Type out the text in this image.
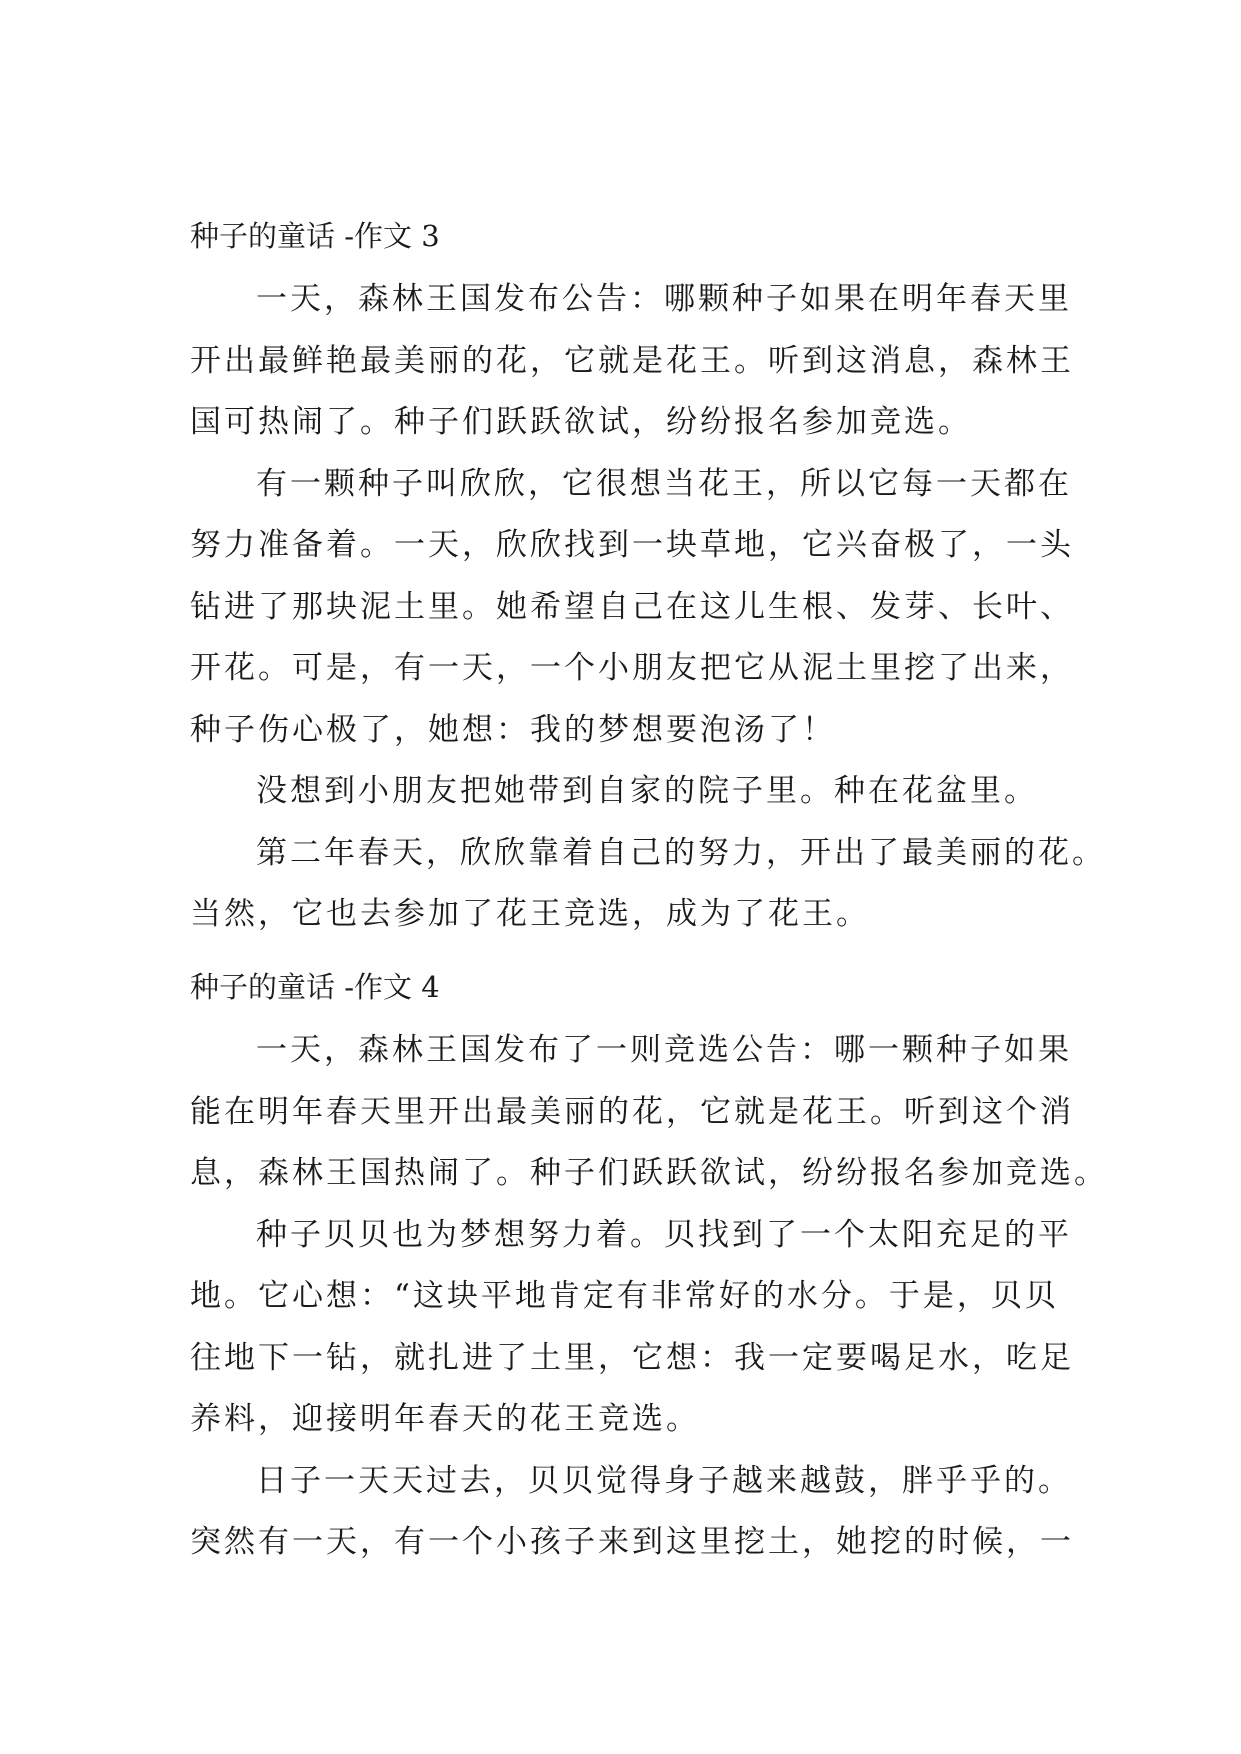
种子的童话 -作文 3

一天，森林王国发布公告：哪颗种子如果在明年春天里
开出最鲜艳最美丽的花，它就是花王。听到这消息，森林王
国可热闹了。种子们跃跃欲试，纷纷报名参加竞选。

有一颗种子叫欣欣，它很想当花王，所以它每一天都在
努力准备着。一天，欣欣找到一块草地，它兴奋极了，一头
钻进了那块泥土里。她希望自己在这儿生根、发芽、长叶、
开花。可是，有一天，一个小朋友把它从泥土里挖了出来，
种子伤心极了，她想：我的梦想要泡汤了！

没想到小朋友把她带到自家的院子里。种在花盆里。

第二年春天，欣欣靠着自己的努力，开出了最美丽的花。
当然，它也去参加了花王竞选，成为了花王。

种子的童话 -作文 4

一天，森林王国发布了一则竞选公告：哪一颗种子如果
能在明年春天里开出最美丽的花，它就是花王。听到这个消
息，森林王国热闹了。种子们跃跃欲试，纷纷报名参加竞选。

种子贝贝也为梦想努力着。贝找到了一个太阳充足的平
地。它心想：“这块平地肯定有非常好的水分。于是，贝贝
往地下一钻，就扎进了土里，它想：我一定要喝足水，吃足
养料，迎接明年春天的花王竞选。

日子一天天过去，贝贝觉得身子越来越鼓，胖乎乎的。
突然有一天，有一个小孩子来到这里挖土，她挖的时候，一
